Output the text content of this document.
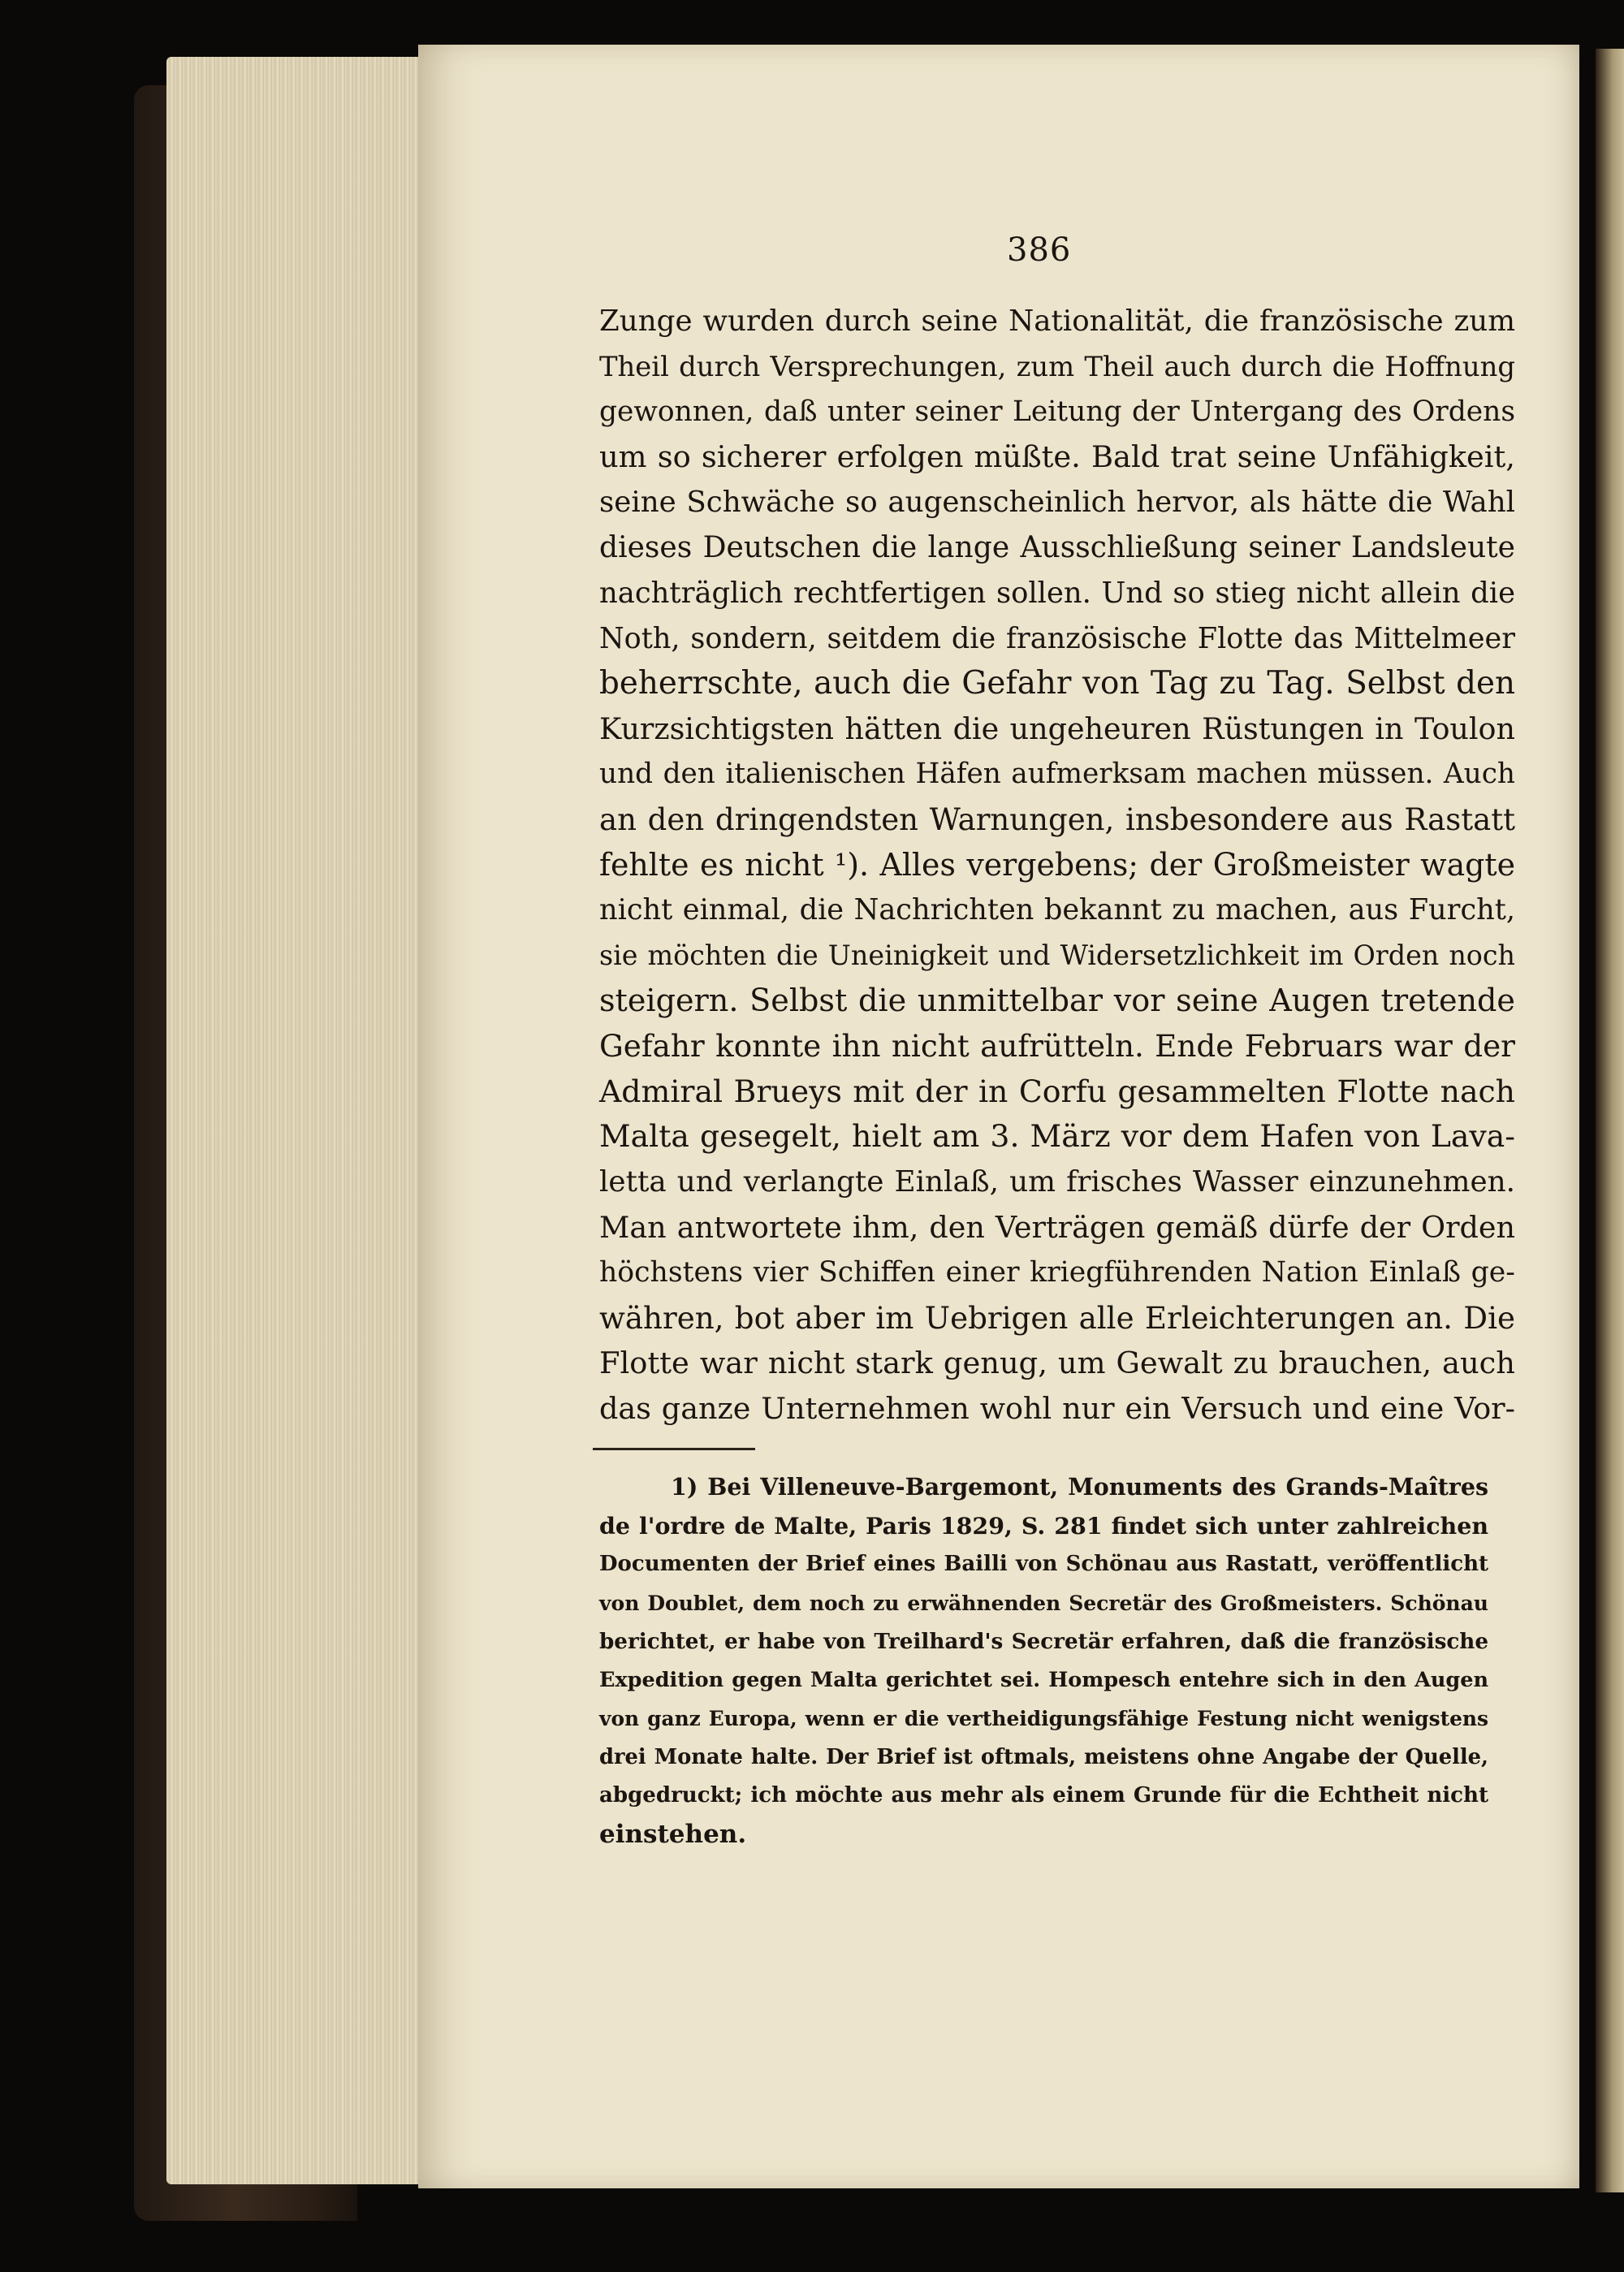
386
Zunge wurden durch seine Nationalität, die französische zum
Theil durch Versprechungen, zum Theil auch durch die Hoffnung
gewonnen, daß unter seiner Leitung der Untergang des Ordens
um so sicherer erfolgen müßte. Bald trat seine Unfähigkeit,
seine Schwäche so augenscheinlich hervor, als hätte die Wahl
dieses Deutschen die lange Ausschließung seiner Landsleute
nachträglich rechtfertigen sollen. Und so stieg nicht allein die
Noth, sondern, seitdem die französische Flotte das Mittelmeer
beherrschte, auch die Gefahr von Tag zu Tag. Selbst den
Kurzsichtigsten hätten die ungeheuren Rüstungen in Toulon
und den italienischen Häfen aufmerksam machen müssen. Auch
an den dringendsten Warnungen, insbesondere aus Rastatt
fehlte es nicht ¹). Alles vergebens; der Großmeister wagte
nicht einmal, die Nachrichten bekannt zu machen, aus Furcht,
sie möchten die Uneinigkeit und Widersetzlichkeit im Orden noch
steigern. Selbst die unmittelbar vor seine Augen tretende
Gefahr konnte ihn nicht aufrütteln. Ende Februars war der
Admiral Brueys mit der in Corfu gesammelten Flotte nach
Malta gesegelt, hielt am 3. März vor dem Hafen von Lava-
letta und verlangte Einlaß, um frisches Wasser einzunehmen.
Man antwortete ihm, den Verträgen gemäß dürfe der Orden
höchstens vier Schiffen einer kriegführenden Nation Einlaß ge-
währen, bot aber im Uebrigen alle Erleichterungen an. Die
Flotte war nicht stark genug, um Gewalt zu brauchen, auch
das ganze Unternehmen wohl nur ein Versuch und eine Vor-
1) Bei Villeneuve-Bargemont, Monuments des Grands-Maîtres
de l'ordre de Malte, Paris 1829, S. 281 findet sich unter zahlreichen
Documenten der Brief eines Bailli von Schönau aus Rastatt, veröffentlicht
von Doublet, dem noch zu erwähnenden Secretär des Großmeisters. Schönau
berichtet, er habe von Treilhard's Secretär erfahren, daß die französische
Expedition gegen Malta gerichtet sei. Hompesch entehre sich in den Augen
von ganz Europa, wenn er die vertheidigungsfähige Festung nicht wenigstens
drei Monate halte. Der Brief ist oftmals, meistens ohne Angabe der Quelle,
abgedruckt; ich möchte aus mehr als einem Grunde für die Echtheit nicht
einstehen.
